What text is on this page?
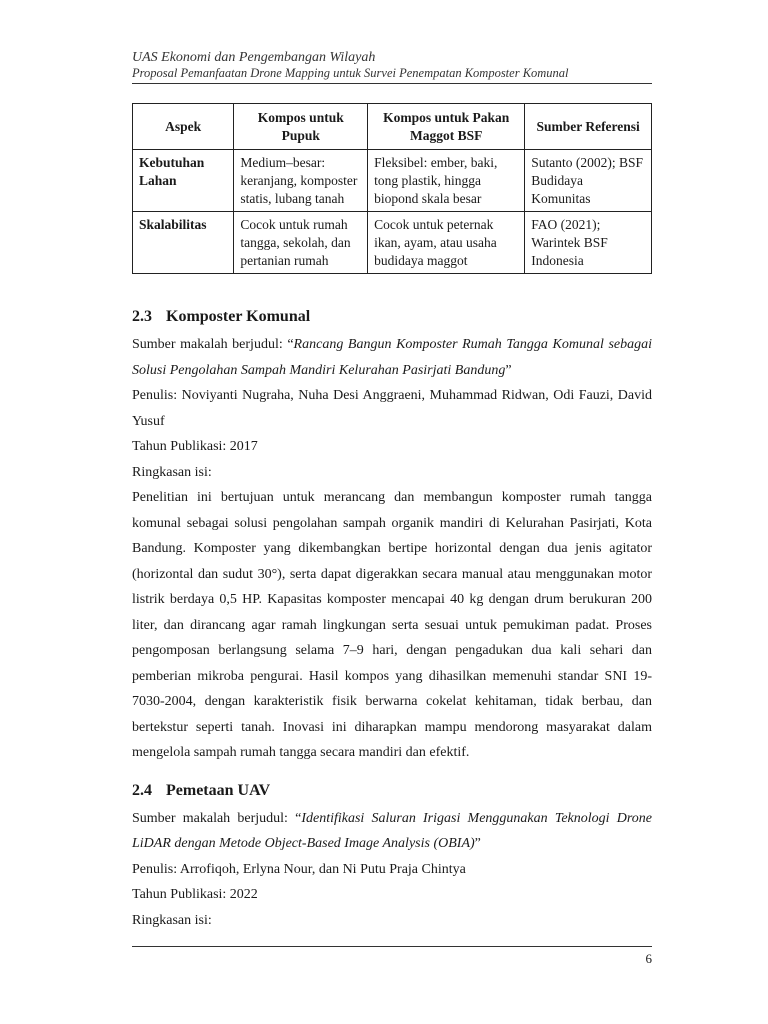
UAS Ekonomi dan Pengembangan Wilayah
Proposal Pemanfaatan Drone Mapping untuk Survei Penempatan Komposter Komunal
Aspek	Kompos untuk Pupuk	Kompos untuk Pakan Maggot BSF	Sumber Referensi
Kebutuhan Lahan	Medium–besar: keranjang, komposter statis, lubang tanah	Fleksibel: ember, baki, tong plastik, hingga biopond skala besar	Sutanto (2002); BSF Budidaya Komunitas
Skalabilitas	Cocok untuk rumah tangga, sekolah, dan pertanian rumah	Cocok untuk peternak ikan, ayam, atau usaha budidaya maggot	FAO (2021); Warintek BSF Indonesia
2.3 Komposter Komunal

Sumber makalah berjudul: “Rancang Bangun Komposter Rumah Tangga Komunal sebagai Solusi Pengolahan Sampah Mandiri Kelurahan Pasirjati Bandung”

Penulis: Noviyanti Nugraha, Nuha Desi Anggraeni, Muhammad Ridwan, Odi Fauzi, David Yusuf

Tahun Publikasi: 2017

Ringkasan isi:

Penelitian ini bertujuan untuk merancang dan membangun komposter rumah tangga komunal sebagai solusi pengolahan sampah organik mandiri di Kelurahan Pasirjati, Kota Bandung. Komposter yang dikembangkan bertipe horizontal dengan dua jenis agitator (horizontal dan sudut 30°), serta dapat digerakkan secara manual atau menggunakan motor listrik berdaya 0,5 HP. Kapasitas komposter mencapai 40 kg dengan drum berukuran 200 liter, dan dirancang agar ramah lingkungan serta sesuai untuk pemukiman padat. Proses pengomposan berlangsung selama 7–9 hari, dengan pengadukan dua kali sehari dan pemberian mikroba pengurai. Hasil kompos yang dihasilkan memenuhi standar SNI 19-7030-2004, dengan karakteristik fisik berwarna cokelat kehitaman, tidak berbau, dan bertekstur seperti tanah. Inovasi ini diharapkan mampu mendorong masyarakat dalam mengelola sampah rumah tangga secara mandiri dan efektif.

2.4 Pemetaan UAV

Sumber makalah berjudul: “Identifikasi Saluran Irigasi Menggunakan Teknologi Drone LiDAR dengan Metode Object-Based Image Analysis (OBIA)”

Penulis: Arrofiqoh, Erlyna Nour, dan Ni Putu Praja Chintya

Tahun Publikasi: 2022

Ringkasan isi:

6
